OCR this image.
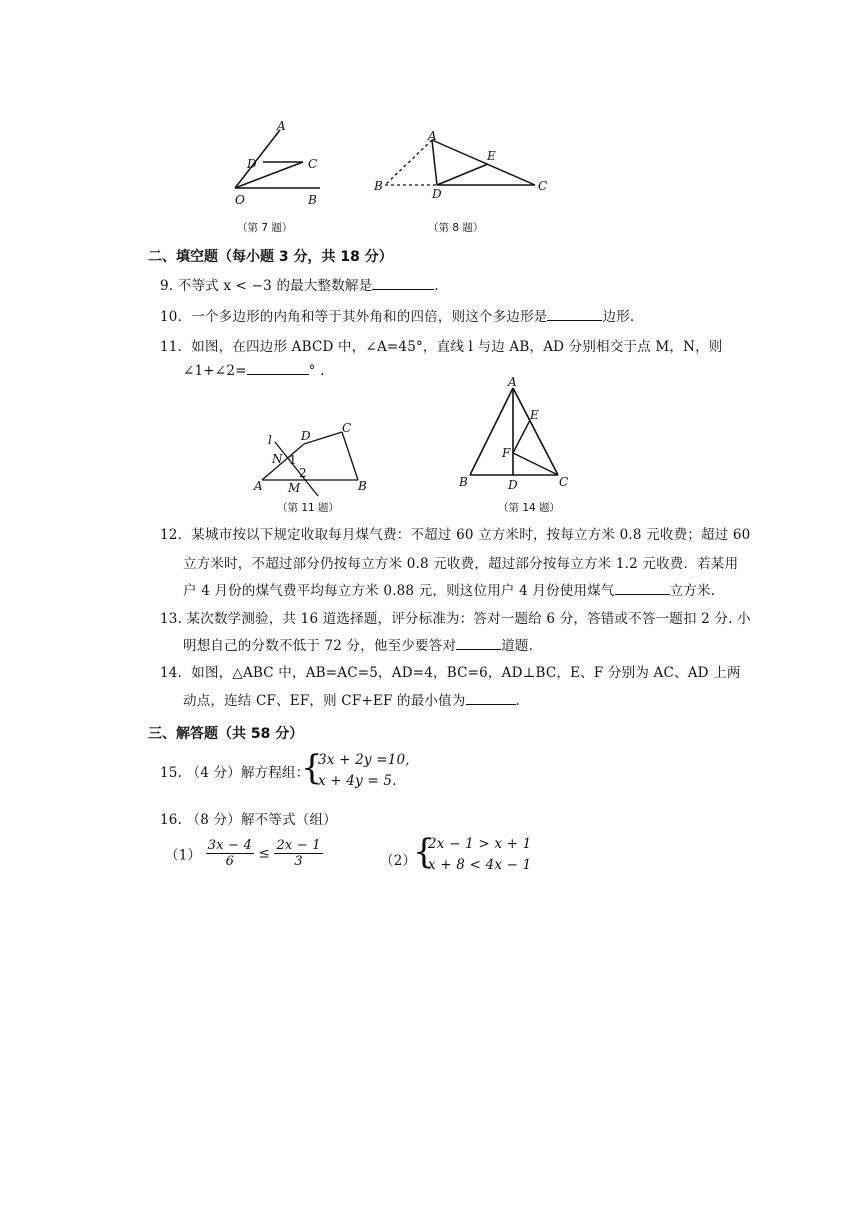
A
D	C
O	B
（第 7 题）
A
E
B
D
C
（第 8 题）
二、填空题（每小题 3 分，共 18 分）
9. 不等式 x < −3 的最大整数解是	.
10．一个多边形的内角和等于其外角和的四倍，则这个多边形是	边形.
11．如图，在四边形 ABCD 中，∠A=45°，直线 l 与边 AB，AD 分别相交于点 M，N，则
∠1+∠2=	° .
l D
C
N 1
2
A M	B
（第 11 题）
A
E
F
B	D	C
（第 14 题）
12．某城市按以下规定收取每月煤气费：不超过 60 立方米时，按每立方米 0.8 元收费；超过 60
立方米时，不超过部分仍按每立方米 0.8 元收费，超过部分按每立方米 1.2 元收费．若某用
户 4 月份的煤气费平均每立方米 0.88 元，则这位用户 4 月份使用煤气	立方米.
13. 某次数学测验，共 16 道选择题，评分标准为：答对一题给 6 分，答错或不答一题扣 2 分. 小
明想自己的分数不低于 72 分，他至少要答对	道题.
14．如图，△ABC 中，AB=AC=5，AD=4，BC=6，AD⊥BC，E、F 分别为 AC、AD 上两
动点，连结 CF、EF，则 CF+EF 的最小值为	.
三、解答题（共 58 分）
15. （4 分）解方程组：
{
3x + 2y =10,
x + 4y = 5.
16. （8 分）解不等式（组）
$(1) \frac{3x - 4}{6} \le \frac{2x - 1}{3}$	（2）
{
2x − 1 > x + 1
x + 8 < 4x − 1
